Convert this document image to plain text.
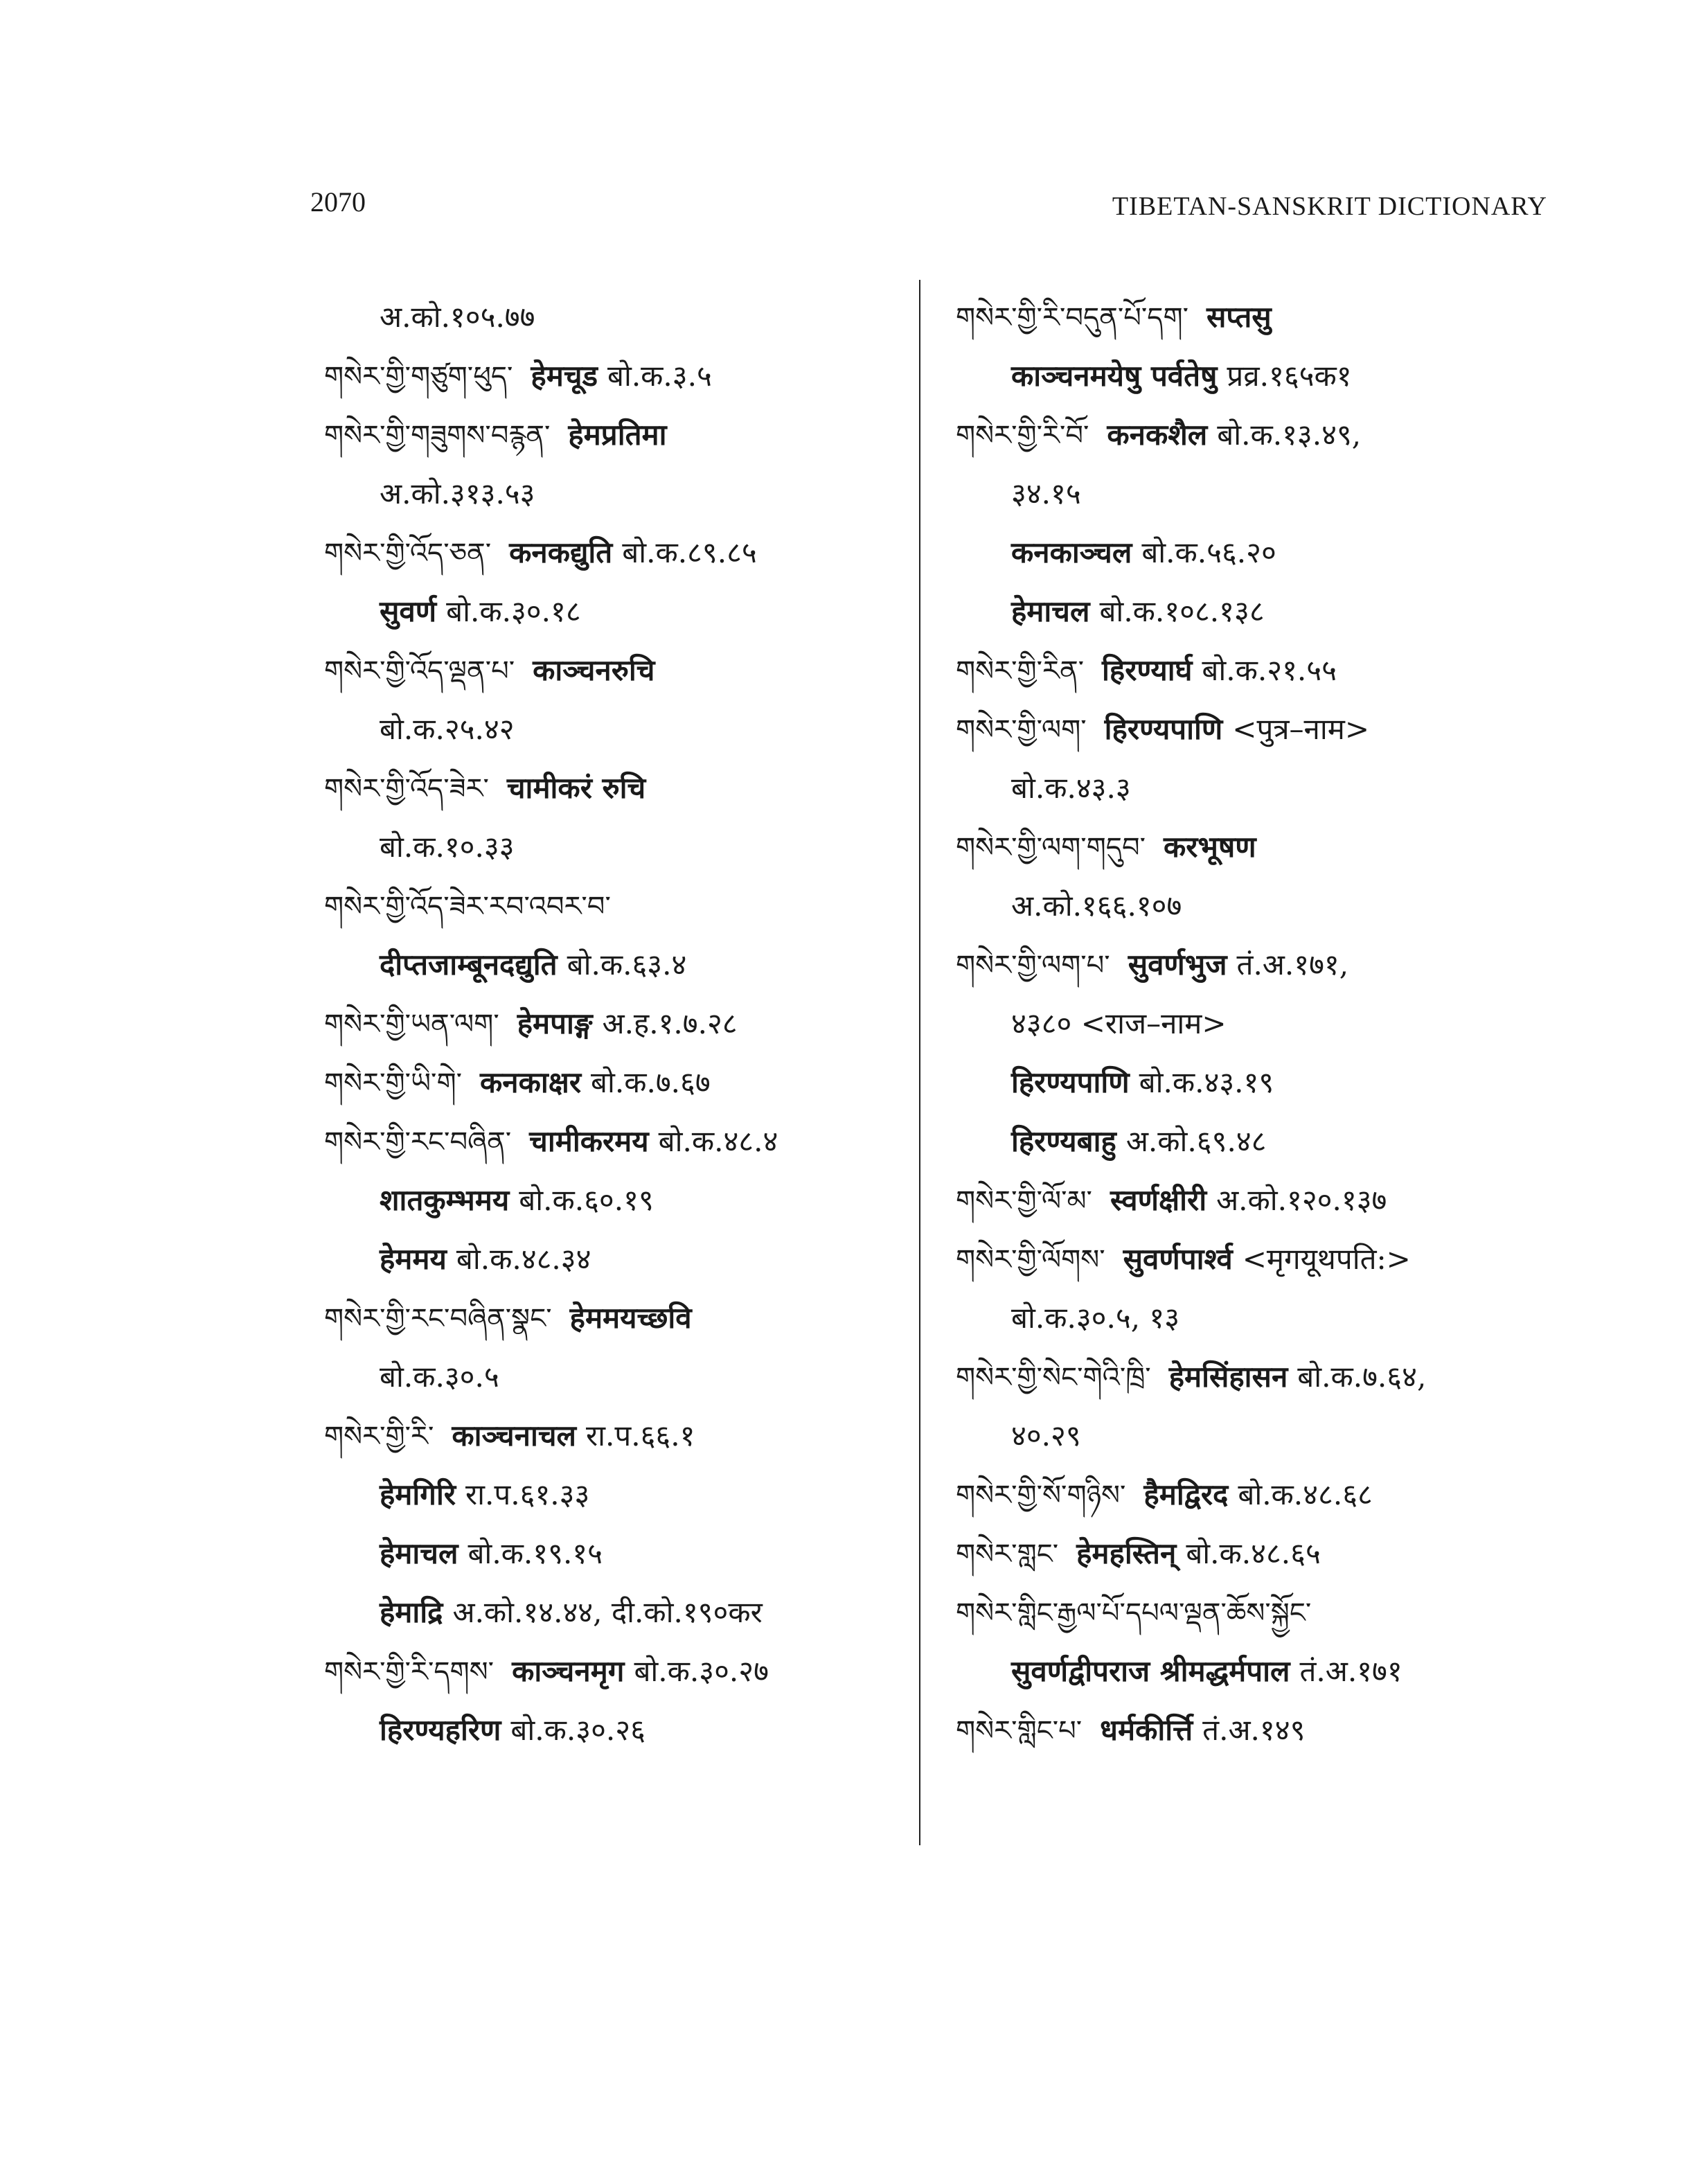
2070	TIBETAN-SANSKRIT DICTIONARY
अ.को.१०५.७७
གསེར་གྱི་གཙུག་ཕུད་ हेमचूड बो.क.३.५
གསེར་གྱི་གཟུགས་བརྙན་ हेमप्रतिमा
अ.को.३१३.५३
གསེར་གྱི་འོད་ཅན་ कनकद्युति बो.क.८९.८५
सुवर्ण बो.क.३०.१८
གསེར་གྱི་འོད་ལྡན་པ་ काञ्चनरुचि
बो.क.२५.४२
གསེར་གྱི་འོད་ཟེར་ चामीकरं रुचि
बो.क.१०.३३
གསེར་གྱི་འོད་ཟེར་རབ་འབར་བ་
दीप्तजाम्बूनदद्युति बो.क.६३.४
གསེར་གྱི་ཡན་ལག་ हेमपाङ्ग अ.ह.१.७.२८
གསེར་གྱི་ཡི་གེ་ कनकाक्षर बो.क.७.६७
གསེར་གྱི་རང་བཞིན་ चामीकरमय बो.क.४८.४
शातकुम्भमय बो.क.६०.१९
हेममय बो.क.४८.३४
གསེར་གྱི་རང་བཞིན་སྣང་ हेममयच्छवि
बो.क.३०.५
གསེར་གྱི་རི་ काञ्चनाचल रा.प.६६.१
हेमगिरि रा.प.६१.३३
हेमाचल बो.क.१९.१५
हेमाद्रि अ.को.१४.४४, दी.को.१९०कर
གསེར་གྱི་རི་དགས་ काञ्चनमृग बो.क.३०.२७
हिरण्यहरिण बो.क.३०.२६
གསེར་གྱི་རི་བདུན་པོ་དག་ सप्तसु
काञ्चनमयेषु पर्वतेषु प्रव्र.१६५क१
གསེར་གྱི་རི་བོ་ कनकशैल बो.क.१३.४९,
३४.१५
कनकाञ्चल बो.क.५६.२०
हेमाचल बो.क.१०८.१३८
གསེར་གྱི་རིན་ हिरण्यार्घ बो.क.२१.५५
གསེར་གྱི་ལག་ हिरण्यपाणि <पुत्र–नाम>
बो.क.४३.३
གསེར་གྱི་ལག་གདུབ་ करभूषण
अ.को.१६६.१०७
གསེར་གྱི་ལག་པ་ सुवर्णभुज तं.अ.१७१,
४३८० <राज–नाम>
हिरण्यपाणि बो.क.४३.१९
हिरण्यबाहु अ.को.६९.४८
གསེར་གྱི་ལོ་མ་ स्वर्णक्षीरी अ.को.१२०.१३७
གསེར་གྱི་ལོགས་ सुवर्णपार्श्व <मृगयूथपति:>
बो.क.३०.५, १३
གསེར་གྱི་སེང་གེའི་ཁྲི་ हेमसिंहासन बो.क.७.६४,
४०.२९
གསེར་གྱི་སོ་གཉིས་ हैमद्विरद बो.क.४८.६८
གསེར་གླང་ हेमहस्तिन् बो.क.४८.६५
གསེར་གླིང་རྒྱལ་པོ་དཔལ་ལྡན་ཆོས་སྐྱོང་
सुवर्णद्वीपराज श्रीमद्धर्मपाल तं.अ.१७१
གསེར་གླིང་པ་ धर्मकीर्त्ति तं.अ.१४९
